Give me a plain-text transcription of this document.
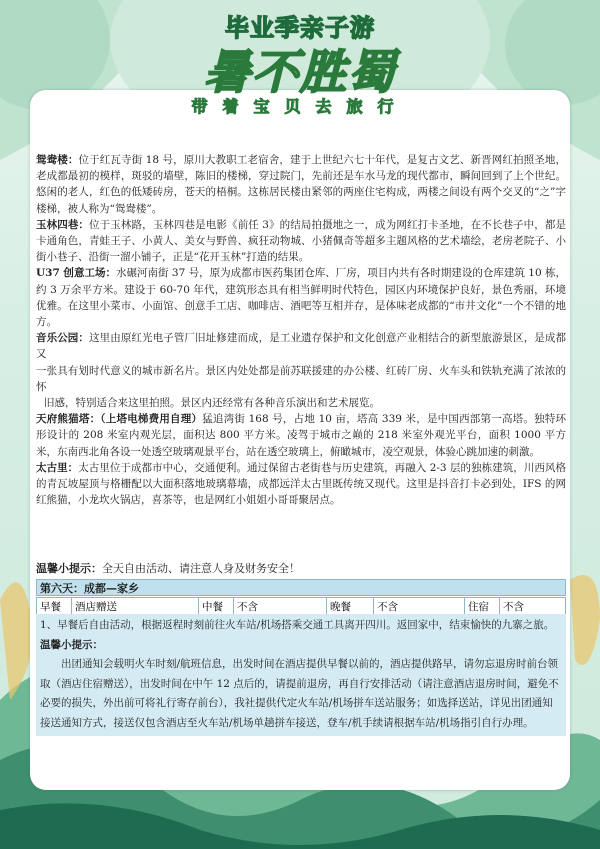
毕业季亲子游
暑不胜蜀
带着宝贝去旅行

鸳鸯楼：位于红瓦寺街 18 号，原川大教职工老宿舍，建于上世纪六七十年代，是复古文艺、新晋网红拍照圣地，老成都最初的模样，斑驳的墙壁，陈旧的楼梯，穿过院门，先前还是车水马龙的现代都市，瞬间回到了上个世纪。悠闲的老人，红色的低矮砖房，苍天的梧桐。这栋居民楼由紧邻的两座住宅构成，两楼之间设有两个交叉的“之”字楼梯，被人称为“鸳鸯楼”。

玉林四巷：位于玉林路，玉林四巷是电影《前任 3》的结局拍摄地之一，成为网红打卡圣地，在不长巷子中，都是卡通角色，青蛙王子、小黄人、美女与野兽、疯狂动物城、小猪佩奇等超多主题风格的艺术墙绘，老房老院子、小街小巷子、沿街一溜小铺子，正是“花开玉林”打造的结果。

U37 创意工场：水碾河南街 37 号，原为成都市医药集团仓库、厂房，项目内共有各时期建设的仓库建筑 10 栋，约 3 万余平方米。建设于 60-70 年代，建筑形态具有相当鲜明时代特色，园区内环境保护良好，景色秀丽，环境优雅。在这里小菜市、小面馆、创意手工店、咖啡店、酒吧等互相并存，是体味老成都的“市井文化”一个不错的地方。

音乐公园：这里由原红光电子管厂旧址修建而成，是工业遗存保护和文化创意产业相结合的新型旅游景区，是成都又

一张具有划时代意义的城市新名片。景区内处处都是前苏联援建的办公楼、红砖厂房、火车头和铁轨充满了浓浓的怀

旧感，特别适合来这里拍照。景区内还经常有各种音乐演出和艺术展览。

天府熊猫塔：（上塔电梯费用自理）猛追湾街 168 号，占地 10 亩，塔高 339 米，是中国西部第一高塔。独特环形设计的 208 米室内观光层，面积达 800 平方米。凌驾于城市之巅的 218 米室外观光平台，面积 1000 平方米，东南西北角各设一处透空玻璃观景平台，站在透空玻璃上，俯瞰城市，凌空观景，体验心跳加速的刺激。

太古里：太古里位于成都市中心，交通便利。通过保留古老街巷与历史建筑，再融入 2-3 层的独栋建筑，川西风格的青瓦坡屋顶与格栅配以大面积落地玻璃幕墙，成都远洋太古里既传统又现代。这里是抖音打卡必到处，IFS 的网红熊猫，小龙坎火锅店，喜茶等，也是网红小姐姐小哥哥聚居点。

温馨小提示：全天自由活动、请注意人身及财务安全！
第六天：成都—家乡
早餐	酒店赠送	中餐	不含	晚餐	不含	住宿	不含

1、早餐后自由活动，根据返程时刻前往火车站/机场搭乘交通工具离开四川。返回家中，结束愉快的九寨之旅。

温馨小提示：

出团通知会载明火车时刻/航班信息，出发时间在酒店提供早餐以前的，酒店提供路早，请勿忘退房时前台领取（酒店住宿赠送），出发时间在中午 12 点后的，请提前退房，再自行安排活动（请注意酒店退房时间，避免不必要的损失，外出前可将礼行寄存前台），我社提供代定火车站/机场拼车送站服务；如选择送站，详见出团通知接送通知方式，接送仅包含酒店至火车站/机场单趟拼车接送，登车/机手续请根据车站/机场指引自行办理。
